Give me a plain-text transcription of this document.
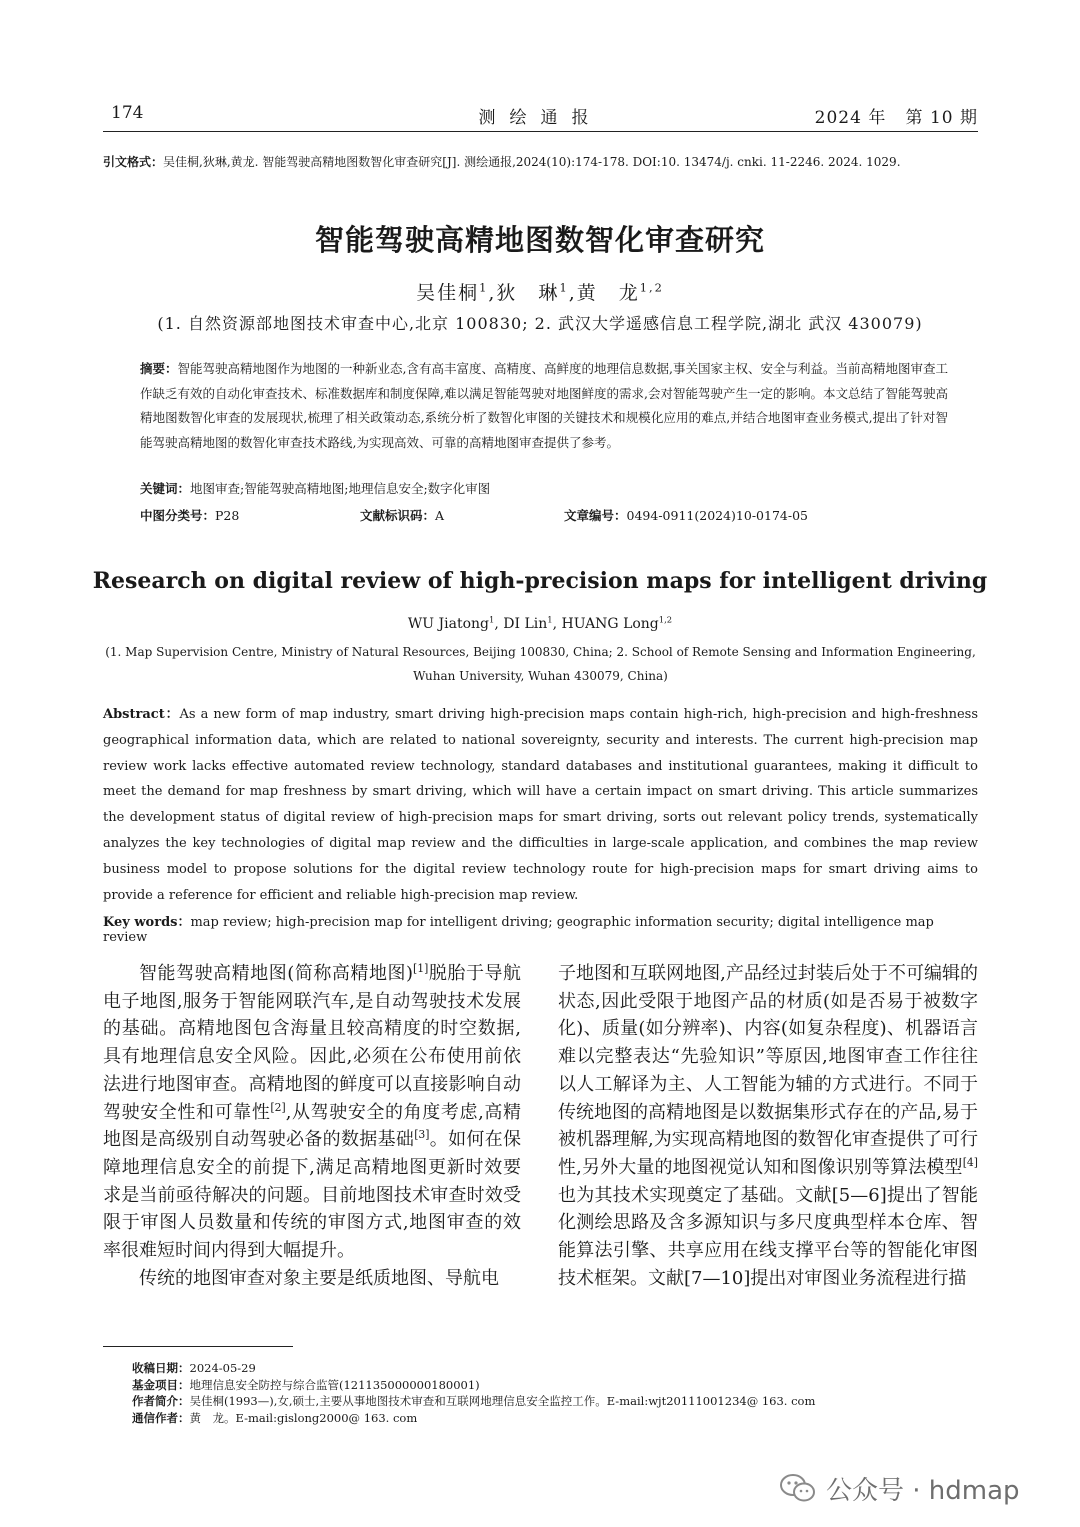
174	测绘通报	2024 年   第 10 期
引文格式：吴佳桐,狄琳,黄龙. 智能驾驶高精地图数智化审查研究[J]. 测绘通报,2024(10):174-178. DOI:10. 13474/j. cnki. 11-2246. 2024. 1029.
智能驾驶高精地图数智化审查研究
吴佳桐$^1$,狄　琳$^1$,黄　龙$^{1,2}$
(1. 自然资源部地图技术审查中心,北京 100830; 2. 武汉大学遥感信息工程学院,湖北 武汉 430079)
摘要：智能驾驶高精地图作为地图的一种新业态,含有高丰富度、高精度、高鲜度的地理信息数据,事关国家主权、安全与利益。当前高精地图审查工作缺乏有效的自动化审查技术、标准数据库和制度保障,难以满足智能驾驶对地图鲜度的需求,会对智能驾驶产生一定的影响。本文总结了智能驾驶高精地图数智化审查的发展现状,梳理了相关政策动态,系统分析了数智化审图的关键技术和规模化应用的难点,并结合地图审查业务模式,提出了针对智能驾驶高精地图的数智化审查技术路线,为实现高效、可靠的高精地图审查提供了参考。
关键词：地图审查;智能驾驶高精地图;地理信息安全;数字化审图
中图分类号：P28	文献标识码：A	文章编号：0494-0911(2024)10-0174-05
Research on digital review of high-precision maps for intelligent driving
WU Jiatong$^1$, DI Lin$^1$, HUANG Long$^{1,2}$
(1. Map Supervision Centre, Ministry of Natural Resources, Beijing 100830, China; 2. School of Remote Sensing and Information Engineering, Wuhan University, Wuhan 430079, China)
Abstract：As a new form of map industry, smart driving high-precision maps contain high-rich, high-precision and high-freshness geographical information data, which are related to national sovereignty, security and interests. The current high-precision map review work lacks effective automated review technology, standard databases and institutional guarantees, making it difficult to meet the demand for map freshness by smart driving, which will have a certain impact on smart driving. This article summarizes the development status of digital review of high-precision maps for smart driving, sorts out relevant policy trends, systematically analyzes the key technologies of digital map review and the difficulties in large-scale application, and combines the map review business model to propose solutions for the digital review technology route for high-precision maps for smart driving aims to provide a reference for efficient and reliable high-precision map review.
Key words：map review; high-precision map for intelligent driving; geographic information security; digital intelligence map review

智能驾驶高精地图(简称高精地图)[1]脱胎于导航电子地图,服务于智能网联汽车,是自动驾驶技术发展的基础。高精地图包含海量且较高精度的时空数据,具有地理信息安全风险。因此,必须在公布使用前依法进行地图审查。高精地图的鲜度可以直接影响自动驾驶安全性和可靠性[2],从驾驶安全的角度考虑,高精地图是高级别自动驾驶必备的数据基础[3]。如何在保障地理信息安全的前提下,满足高精地图更新时效要求是当前亟待解决的问题。目前地图技术审查时效受限于审图人员数量和传统的审图方式,地图审查的效率很难短时间内得到大幅提升。

传统的地图审查对象主要是纸质地图、导航电

子地图和互联网地图,产品经过封装后处于不可编辑的状态,因此受限于地图产品的材质(如是否易于被数字化)、质量(如分辨率)、内容(如复杂程度)、机器语言难以完整表达“先验知识”等原因,地图审查工作往往以人工解译为主、人工智能为辅的方式进行。不同于传统地图的高精地图是以数据集形式存在的产品,易于被机器理解,为实现高精地图的数智化审查提供了可行性,另外大量的地图视觉认知和图像识别等算法模型[4]也为其技术实现奠定了基础。文献[5—6]提出了智能化测绘思路及含多源知识与多尺度典型样本仓库、智能算法引擎、共享应用在线支撑平台等的智能化审图技术框架。文献[7—10]提出对审图业务流程进行描

收稿日期：2024-05-29
基金项目：地理信息安全防控与综合监管(121135000000180001)
作者简介：吴佳桐(1993—),女,硕士,主要从事地图技术审查和互联网地理信息安全监控工作。E-mail:wjt20111001234@ 163. com
通信作者：黄　龙。E-mail:gislong2000@ 163. com
公众号 · hdmap
